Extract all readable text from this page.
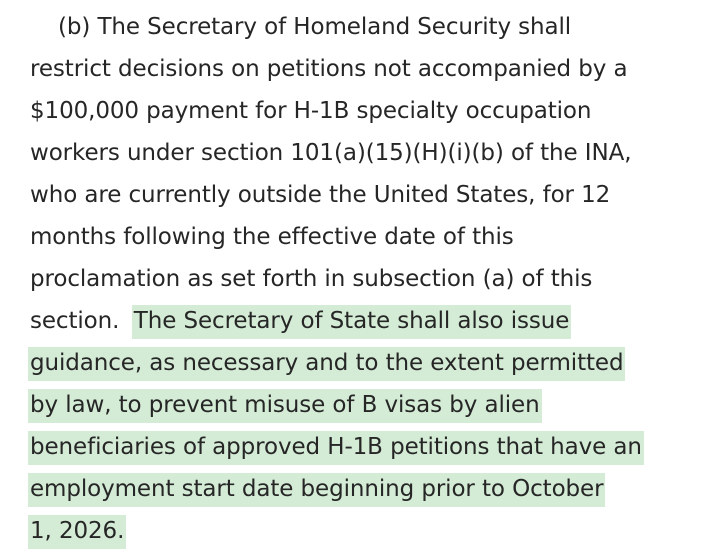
(b) The Secretary of Homeland Security shall
restrict decisions on petitions not accompanied by a
$100,000 payment for H-1B specialty occupation
workers under section 101(a)(15)(H)(i)(b) of the INA,
who are currently outside the United States, for 12
months following the effective date of this
proclamation as set forth in subsection (a) of this
section. The Secretary of State shall also issue
guidance, as necessary and to the extent permitted
by law, to prevent misuse of B visas by alien
beneficiaries of approved H-1B petitions that have an
employment start date beginning prior to October
1, 2026.
